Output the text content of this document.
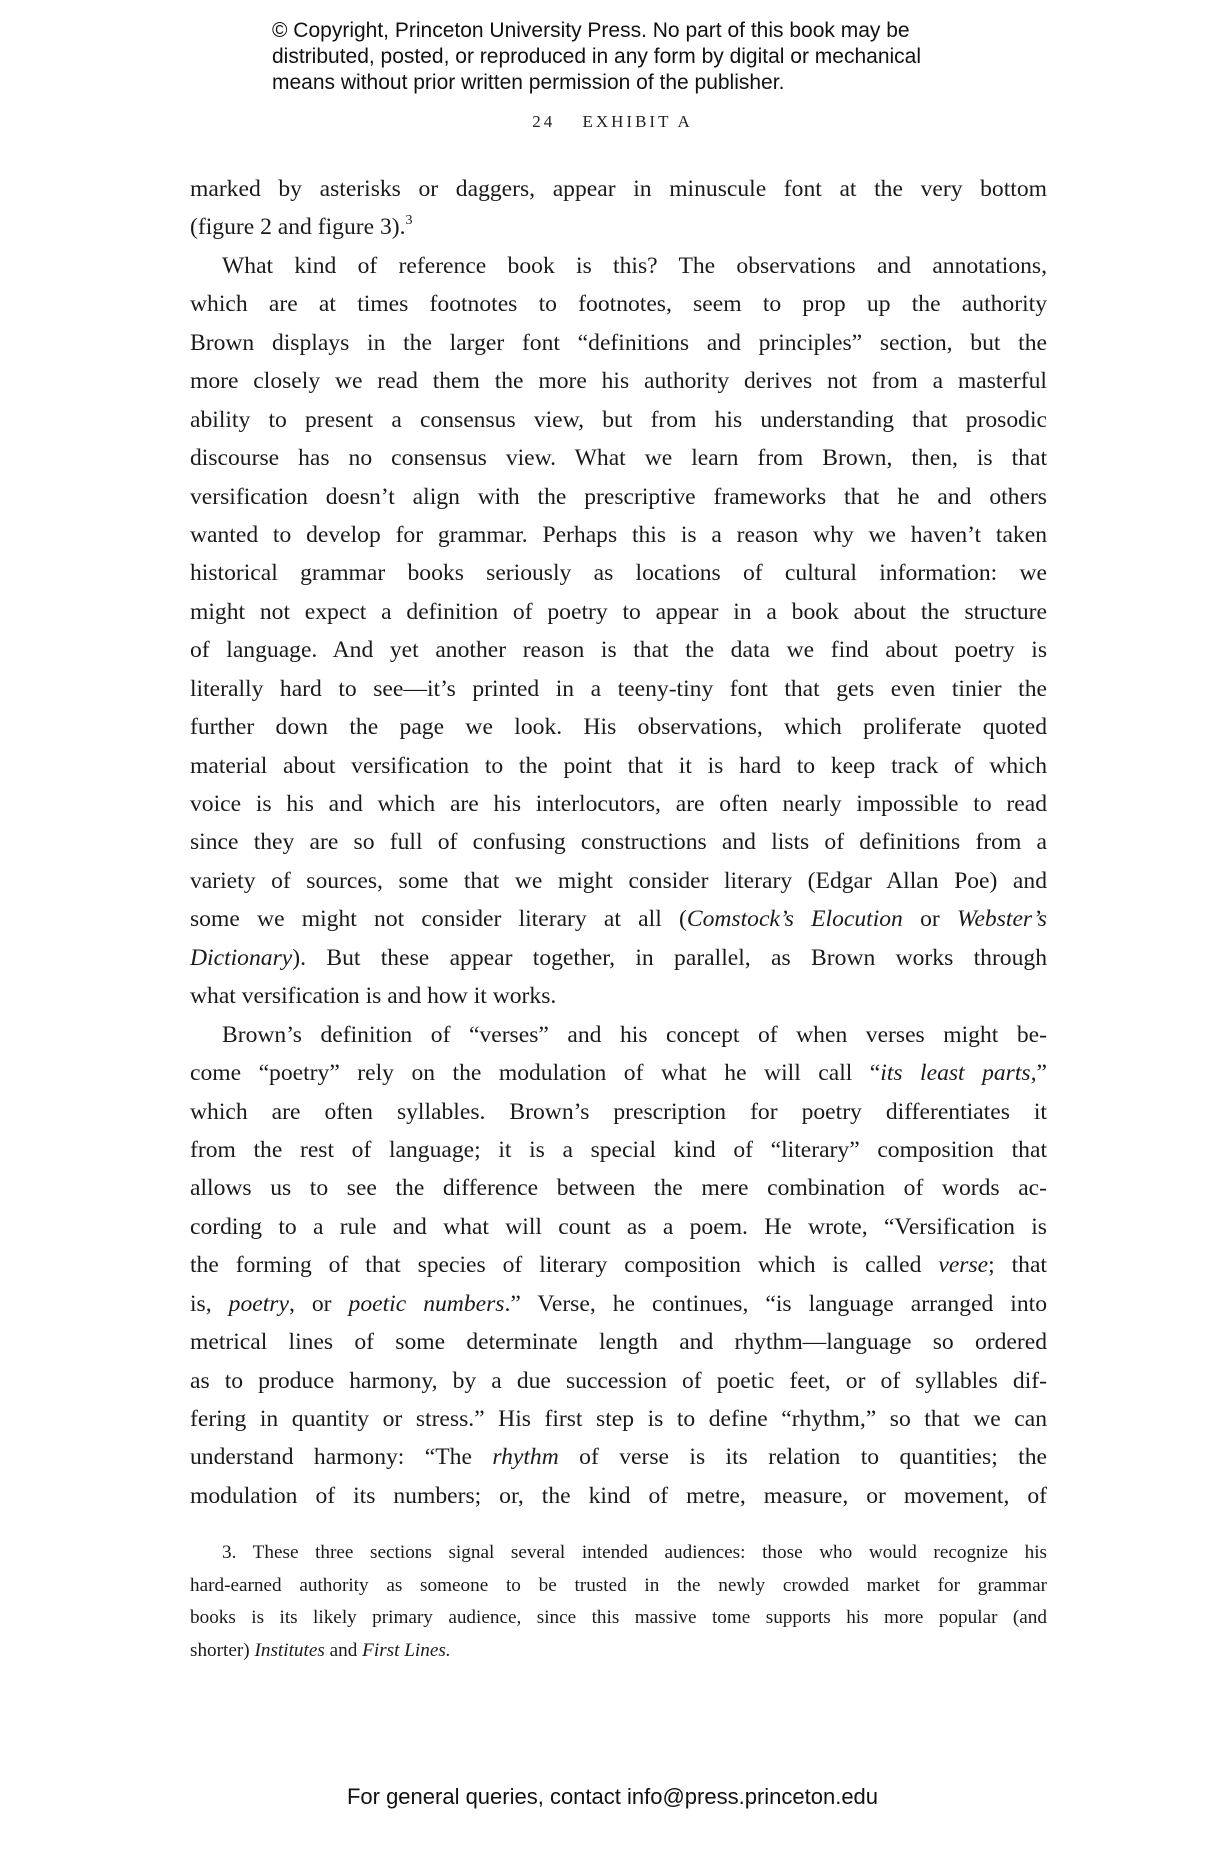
© Copyright, Princeton University Press. No part of this book may be
distributed, posted, or reproduced in any form by digital or mechanical
means without prior written permission of the publisher.
24 EXHIBIT A
marked by asterisks or daggers, appear in minuscule font at the very bottom
(figure 2 and figure 3).$^3$
What kind of reference book is this? The observations and annotations,
which are at times footnotes to footnotes, seem to prop up the authority
Brown displays in the larger font “definitions and principles” section, but the
more closely we read them the more his authority derives not from a masterful
ability to present a consensus view, but from his understanding that prosodic
discourse has no consensus view. What we learn from Brown, then, is that
versification doesn’t align with the prescriptive frameworks that he and others
wanted to develop for grammar. Perhaps this is a reason why we haven’t taken
historical grammar books seriously as locations of cultural information: we
might not expect a definition of poetry to appear in a book about the structure
of language. And yet another reason is that the data we find about poetry is
literally hard to see—it’s printed in a teeny-tiny font that gets even tinier the
further down the page we look. His observations, which proliferate quoted
material about versification to the point that it is hard to keep track of which
voice is his and which are his interlocutors, are often nearly impossible to read
since they are so full of confusing constructions and lists of definitions from a
variety of sources, some that we might consider literary (Edgar Allan Poe) and
some we might not consider literary at all (Comstock’s Elocution or Webster’s
Dictionary). But these appear together, in parallel, as Brown works through
what versification is and how it works.
Brown’s definition of “verses” and his concept of when verses might be-
come “poetry” rely on the modulation of what he will call “its least parts,”
which are often syllables. Brown’s prescription for poetry differentiates it
from the rest of language; it is a special kind of “literary” composition that
allows us to see the difference between the mere combination of words ac-
cording to a rule and what will count as a poem. He wrote, “Versification is
the forming of that species of literary composition which is called verse; that
is, poetry, or poetic numbers.” Verse, he continues, “is language arranged into
metrical lines of some determinate length and rhythm—language so ordered
as to produce harmony, by a due succession of poetic feet, or of syllables dif-
fering in quantity or stress.” His first step is to define “rhythm,” so that we can
understand harmony: “The rhythm of verse is its relation to quantities; the
modulation of its numbers; or, the kind of metre, measure, or movement, of
3. These three sections signal several intended audiences: those who would recognize his
hard-earned authority as someone to be trusted in the newly crowded market for grammar
books is its likely primary audience, since this massive tome supports his more popular (and
shorter) Institutes and First Lines.
For general queries, contact info@press.princeton.edu
